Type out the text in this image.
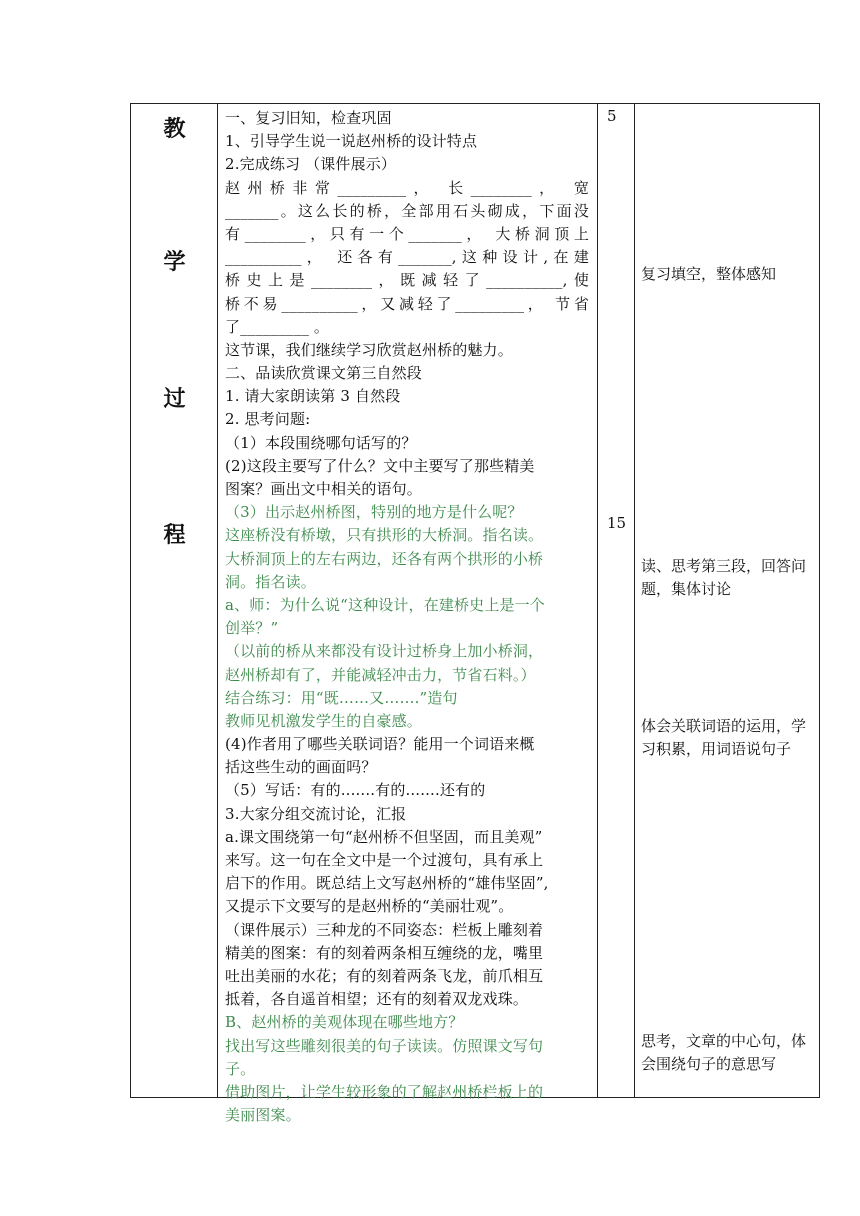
教
学
过
程
一、复习旧知，检查巩固
1、引导学生说一说赵州桥的设计特点
2.完成练习 （课件展示）
赵州桥非常_________， 长________， 宽
_______。这么长的桥，全部用石头砌成，下面没
有________，只有一个_______， 大桥洞顶上
__________， 还各有_______,这种设计,在建
桥史上是________，既减轻了__________,使
桥不易__________，又减轻了_________， 节省
了_________ 。
这节课，我们继续学习欣赏赵州桥的魅力。
二、品读欣赏课文第三自然段
1. 请大家朗读第 3 自然段
2. 思考问题:
（1）本段围绕哪句话写的？
(2)这段主要写了什么？文中主要写了那些精美
图案？画出文中相关的语句。
（3）出示赵州桥图，特别的地方是什么呢？
这座桥没有桥墩，只有拱形的大桥洞。指名读。
大桥洞顶上的左右两边，还各有两个拱形的小桥
洞。指名读。
a、师：为什么说“这种设计，在建桥史上是一个
创举？”
（以前的桥从来都没有设计过桥身上加小桥洞，
赵州桥却有了，并能减轻冲击力，节省石料。）
结合练习：用“既……又…….”造句
教师见机激发学生的自豪感。
(4)作者用了哪些关联词语？能用一个词语来概
括这些生动的画面吗？
（5）写话：有的.......有的.......还有的
3.大家分组交流讨论，汇报
a.课文围绕第一句“赵州桥不但坚固，而且美观”
来写。这一句在全文中是一个过渡句，具有承上
启下的作用。既总结上文写赵州桥的“雄伟坚固”,
又提示下文要写的是赵州桥的“美丽壮观”。
（课件展示）三种龙的不同姿态：栏板上雕刻着
精美的图案：有的刻着两条相互缠绕的龙，嘴里
吐出美丽的水花；有的刻着两条飞龙，前爪相互
抵着，各自遥首相望；还有的刻着双龙戏珠。
B、赵州桥的美观体现在哪些地方？
找出写这些雕刻很美的句子读读。仿照课文写句
子。
借助图片，让学生较形象的了解赵州桥栏板上的
美丽图案。
5
15
复习填空，整体感知
读、思考第三段，回答问题，集体讨论
体会关联词语的运用，学习积累，用词语说句子
思考，文章的中心句，体会围绕句子的意思写
